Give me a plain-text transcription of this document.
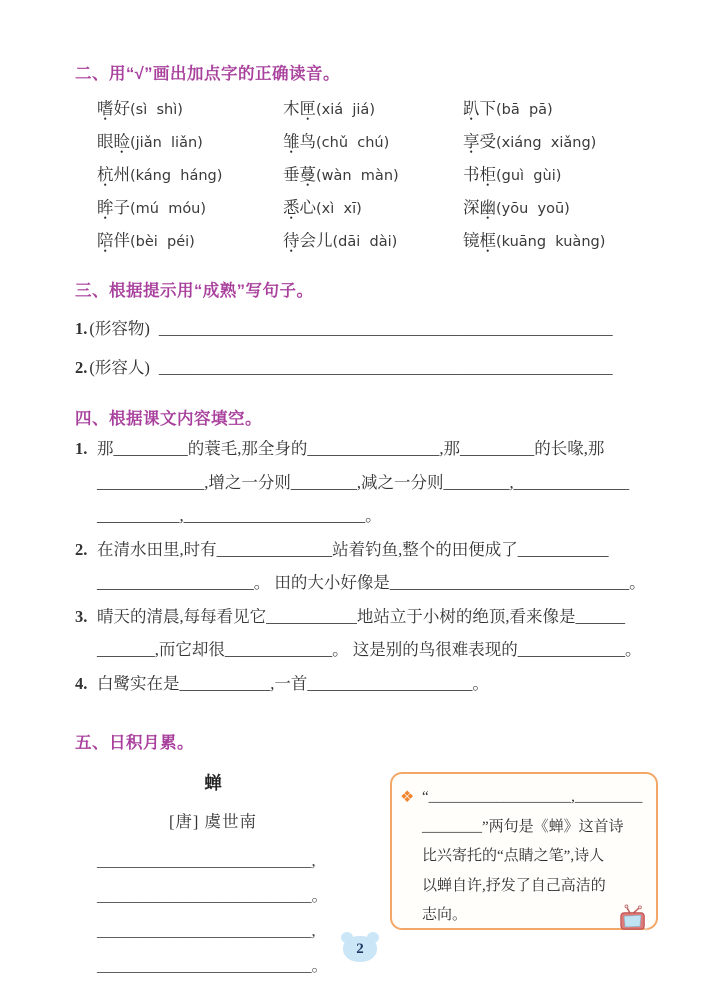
二、用“√”画出加点字的正确读音。
嗜好(sì  shì)	木匣(xiá  jiá)	趴下(bā  pā)
眼睑(jiǎn  liǎn)	雏鸟(chǔ  chú)	享受(xiáng  xiǎng)
杭州(káng  háng)	垂蔓(wàn  màn)	书柜(guì  gùi)
眸子(mú  móu)	悉心(xì  xī)	深幽(yōu  yoū)
陪伴(bèi  péi)	待会儿(dāi  dài)	镜框(kuāng  kuàng)
三、根据提示用“成熟”写句子。
1. (形容物) _______________________________________________________
2. (形容人) _______________________________________________________
四、根据课文内容填空。
1. 那_________的蓑毛,那全身的________________,那_________的长喙,那
_____________,增之一分则________,减之一分则________,______________
__________,______________________。
2. 在清水田里,时有______________站着钓鱼,整个的田便成了___________
___________________。 田的大小好像是_____________________________。
3. 晴天的清晨,每每看见它___________地站立于小树的绝顶,看来像是______
_______,而它却很_____________。 这是别的鸟很难表现的_____________。
4. 白鹭实在是___________,一首____________________。
五、日积月累。
蝉
[唐] 虞世南
__________________________,
__________________________。
__________________________,
__________________________。
❖ “___________________,_________
________”两句是《蝉》这首诗
比兴寄托的“点睛之笔”,诗人
以蝉自许,抒发了自己高洁的
志向。
2
